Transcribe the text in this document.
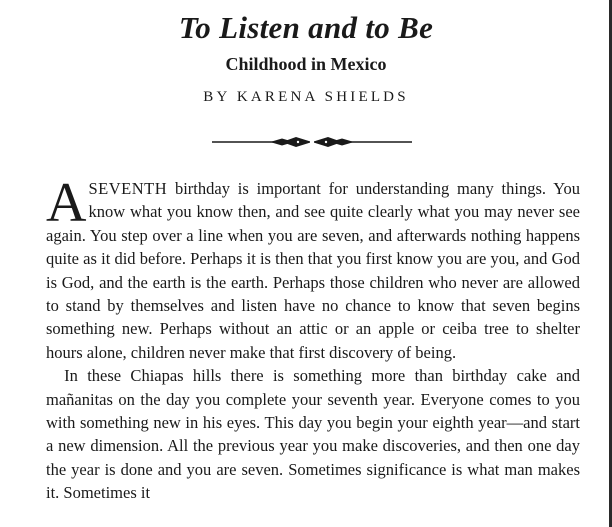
To Listen and to Be
Childhood in Mexico
BY KARENA SHIELDS

ASEVENTH birthday is important for understanding many things. You know what you know then, and see quite clearly what you may never see again. You step over a line when you are seven, and afterwards nothing happens quite as it did before. Perhaps it is then that you first know you are you, and God is God, and the earth is the earth. Perhaps those children who never are allowed to stand by themselves and listen have no chance to know that seven begins something new. Perhaps without an attic or an apple or ceiba tree to shelter hours alone, children never make that first discovery of being.

In these Chiapas hills there is something more than birthday cake and mañanitas on the day you complete your seventh year. Everyone comes to you with something new in his eyes. This day you begin your eighth year—and start a new dimension. All the previous year you make discoveries, and then one day the year is done and you are seven. Sometimes significance is what man makes it. Sometimes it
